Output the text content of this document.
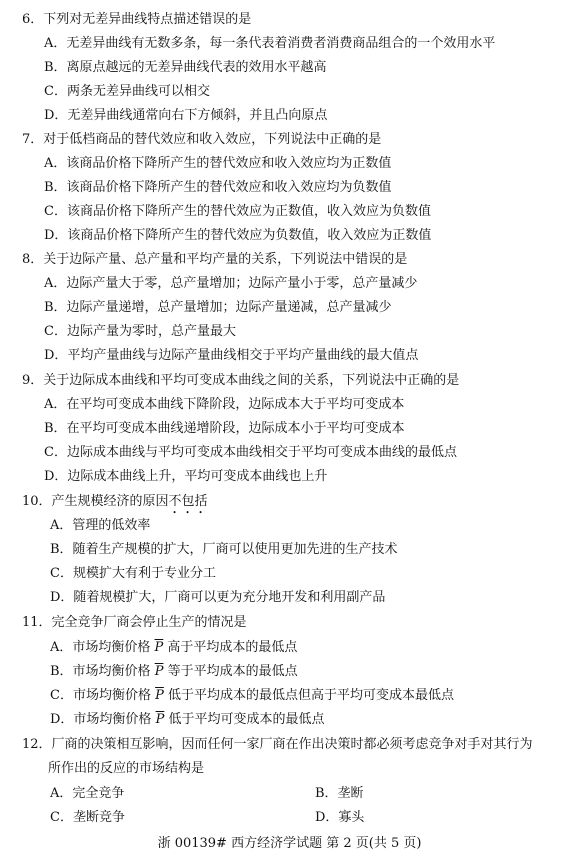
6．下列对无差异曲线特点描述错误的是
A．无差异曲线有无数多条，每一条代表着消费者消费商品组合的一个效用水平
B．离原点越远的无差异曲线代表的效用水平越高
C．两条无差异曲线可以相交
D．无差异曲线通常向右下方倾斜，并且凸向原点
7．对于低档商品的替代效应和收入效应，下列说法中正确的是
A．该商品价格下降所产生的替代效应和收入效应均为正数值
B．该商品价格下降所产生的替代效应和收入效应均为负数值
C．该商品价格下降所产生的替代效应为正数值，收入效应为负数值
D．该商品价格下降所产生的替代效应为负数值，收入效应为正数值
8．关于边际产量、总产量和平均产量的关系，下列说法中错误的是
A．边际产量大于零，总产量增加；边际产量小于零，总产量减少
B．边际产量递增，总产量增加；边际产量递减，总产量减少
C．边际产量为零时，总产量最大
D．平均产量曲线与边际产量曲线相交于平均产量曲线的最大值点
9．关于边际成本曲线和平均可变成本曲线之间的关系，下列说法中正确的是
A．在平均可变成本曲线下降阶段，边际成本大于平均可变成本
B．在平均可变成本曲线递增阶段，边际成本小于平均可变成本
C．边际成本曲线与平均可变成本曲线相交于平均可变成本曲线的最低点
D．边际成本曲线上升，平均可变成本曲线也上升
10．产生规模经济的原因不包括
A．管理的低效率
B．随着生产规模的扩大，厂商可以使用更加先进的生产技术
C．规模扩大有利于专业分工
D．随着规模扩大，厂商可以更为充分地开发和利用副产品
11．完全竞争厂商会停止生产的情况是
A．市场均衡价格 $\overline{P}$ 高于平均成本的最低点
B．市场均衡价格 $\overline{P}$ 等于平均成本的最低点
C．市场均衡价格 $\overline{P}$ 低于平均成本的最低点但高于平均可变成本最低点
D．市场均衡价格 $\overline{P}$ 低于平均可变成本的最低点
12．厂商的决策相互影响，因而任何一家厂商在作出决策时都必须考虑竞争对手对其行为
所作出的反应的市场结构是
A．完全竞争	B．垄断
C．垄断竞争	D．寡头
浙 00139# 西方经济学试题 第 2 页(共 5 页)
